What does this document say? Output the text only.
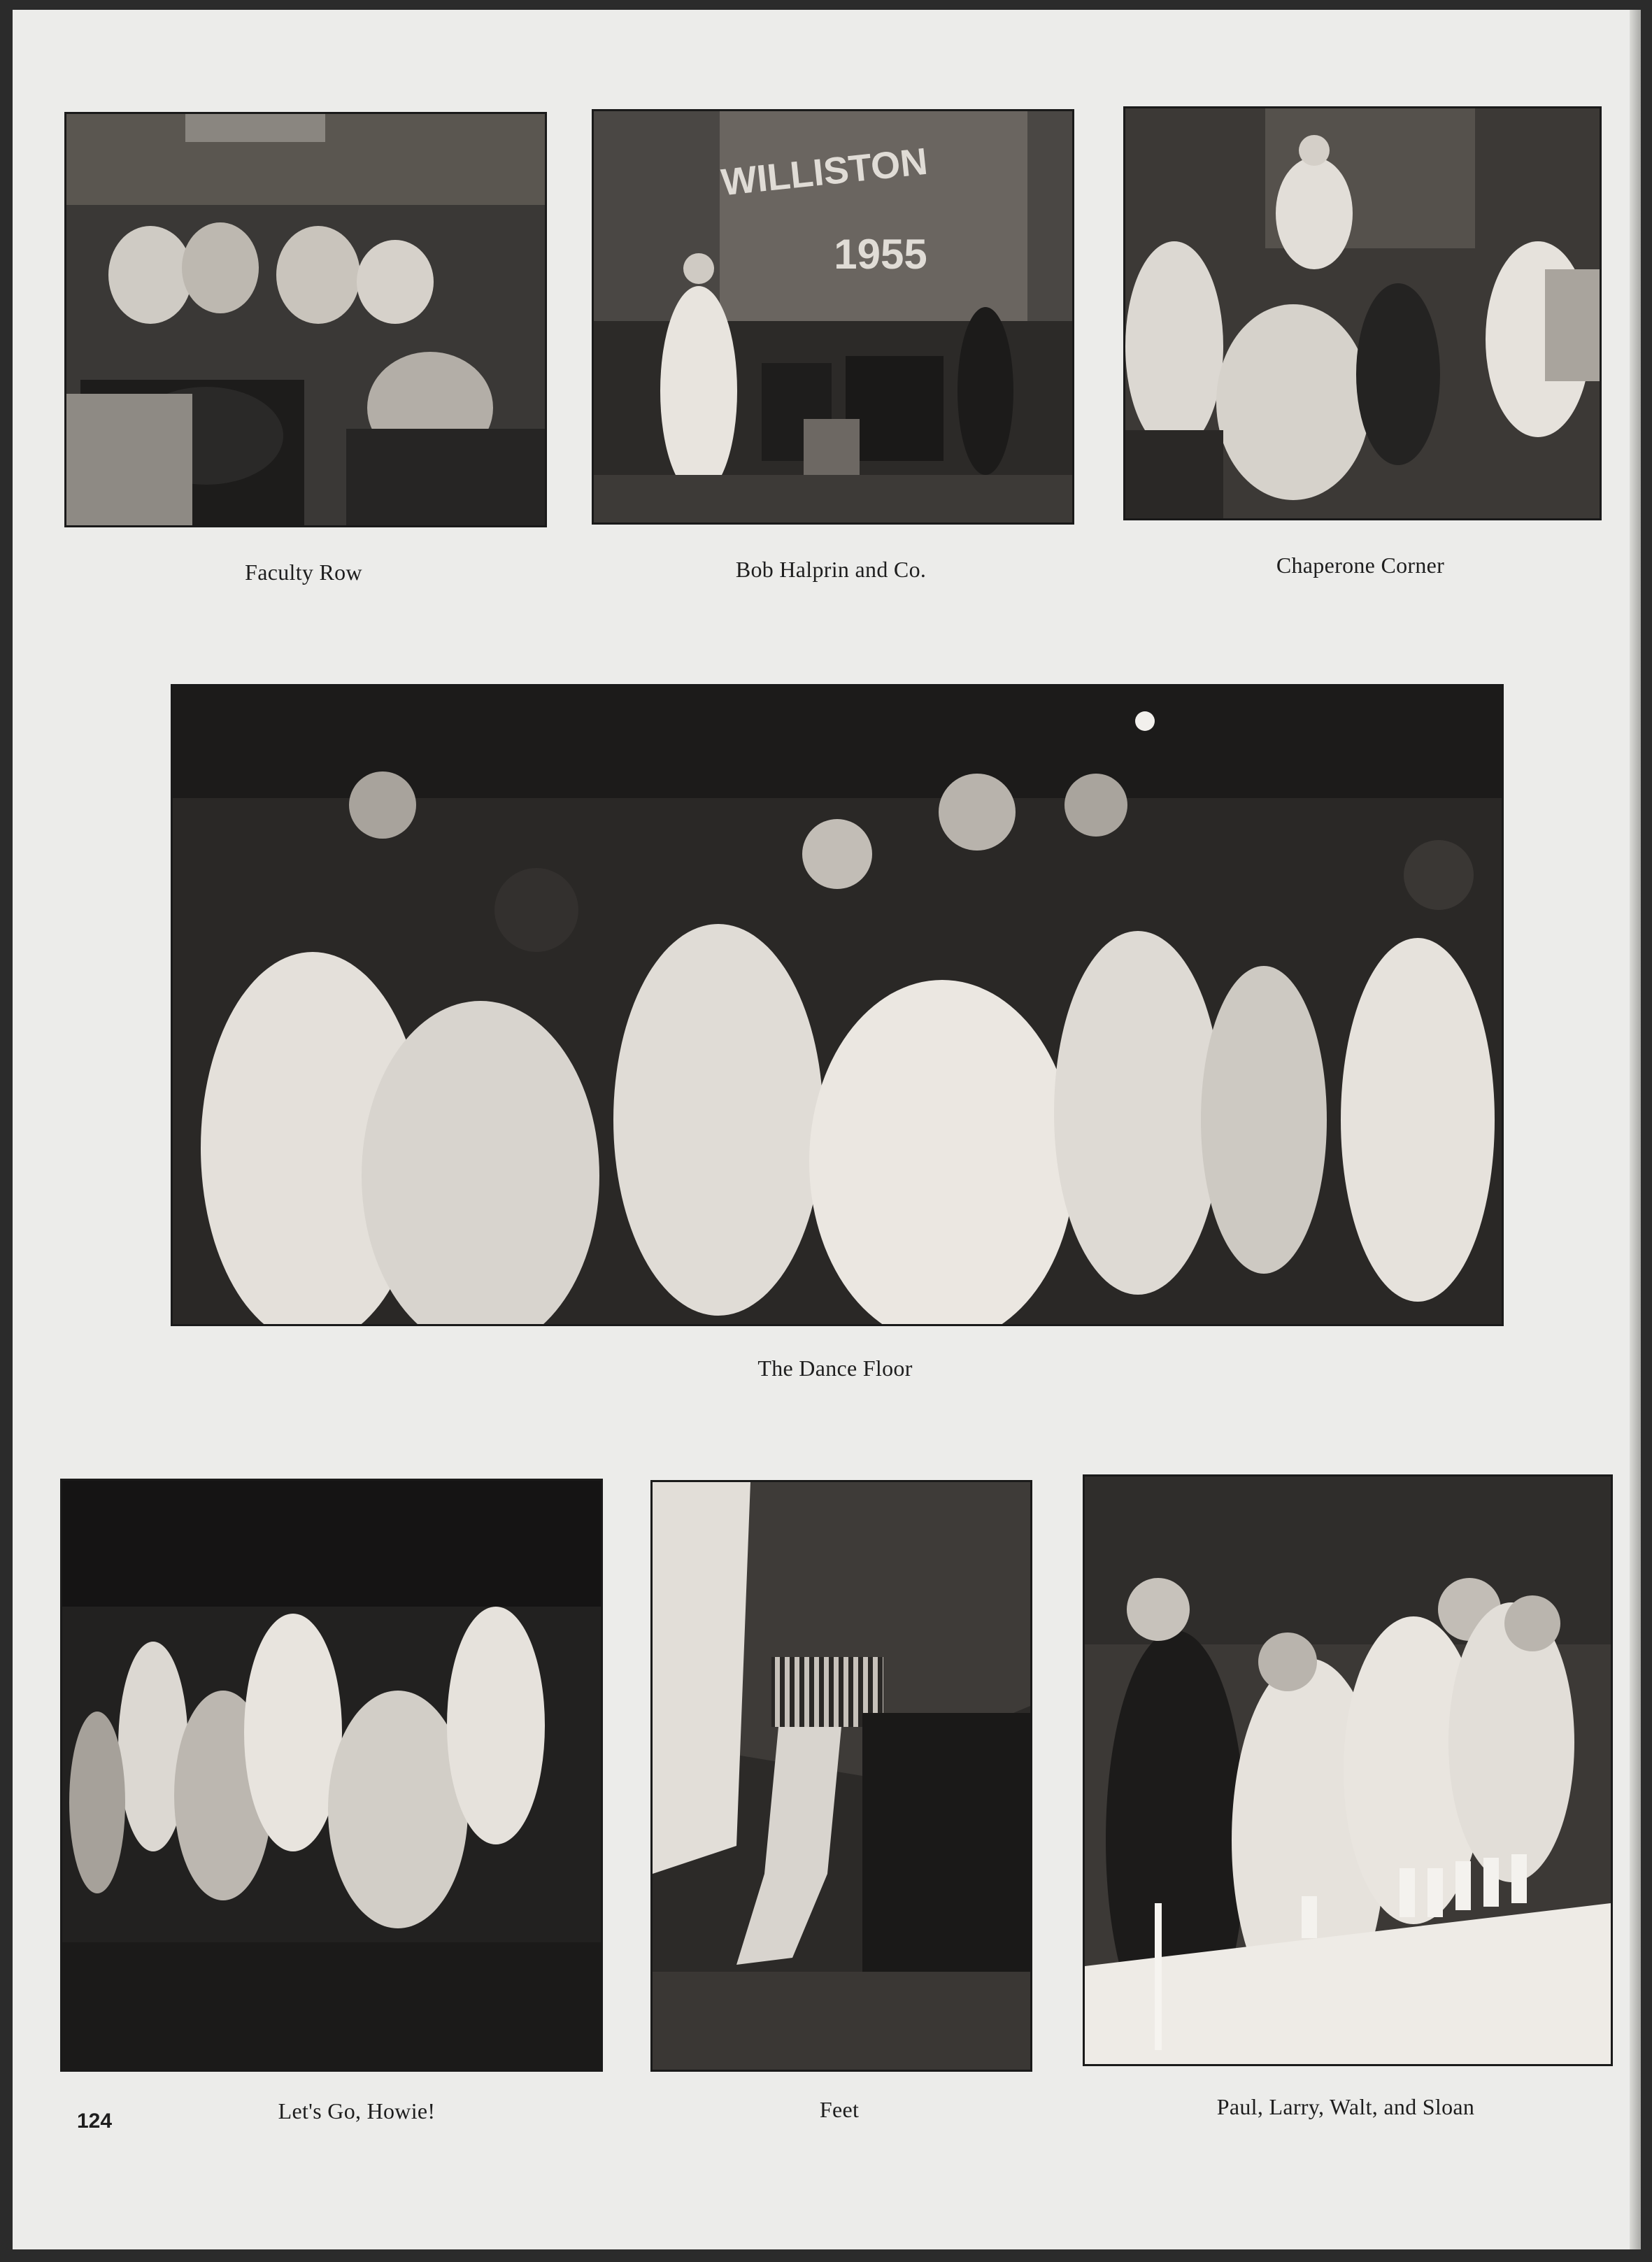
Faculty Row
WILLISTON
1955
Bob Halprin and Co.	Chaperone Corner
The Dance Floor
Let's Go, Howie!	Feet	Paul, Larry, Walt, and Sloan
124
